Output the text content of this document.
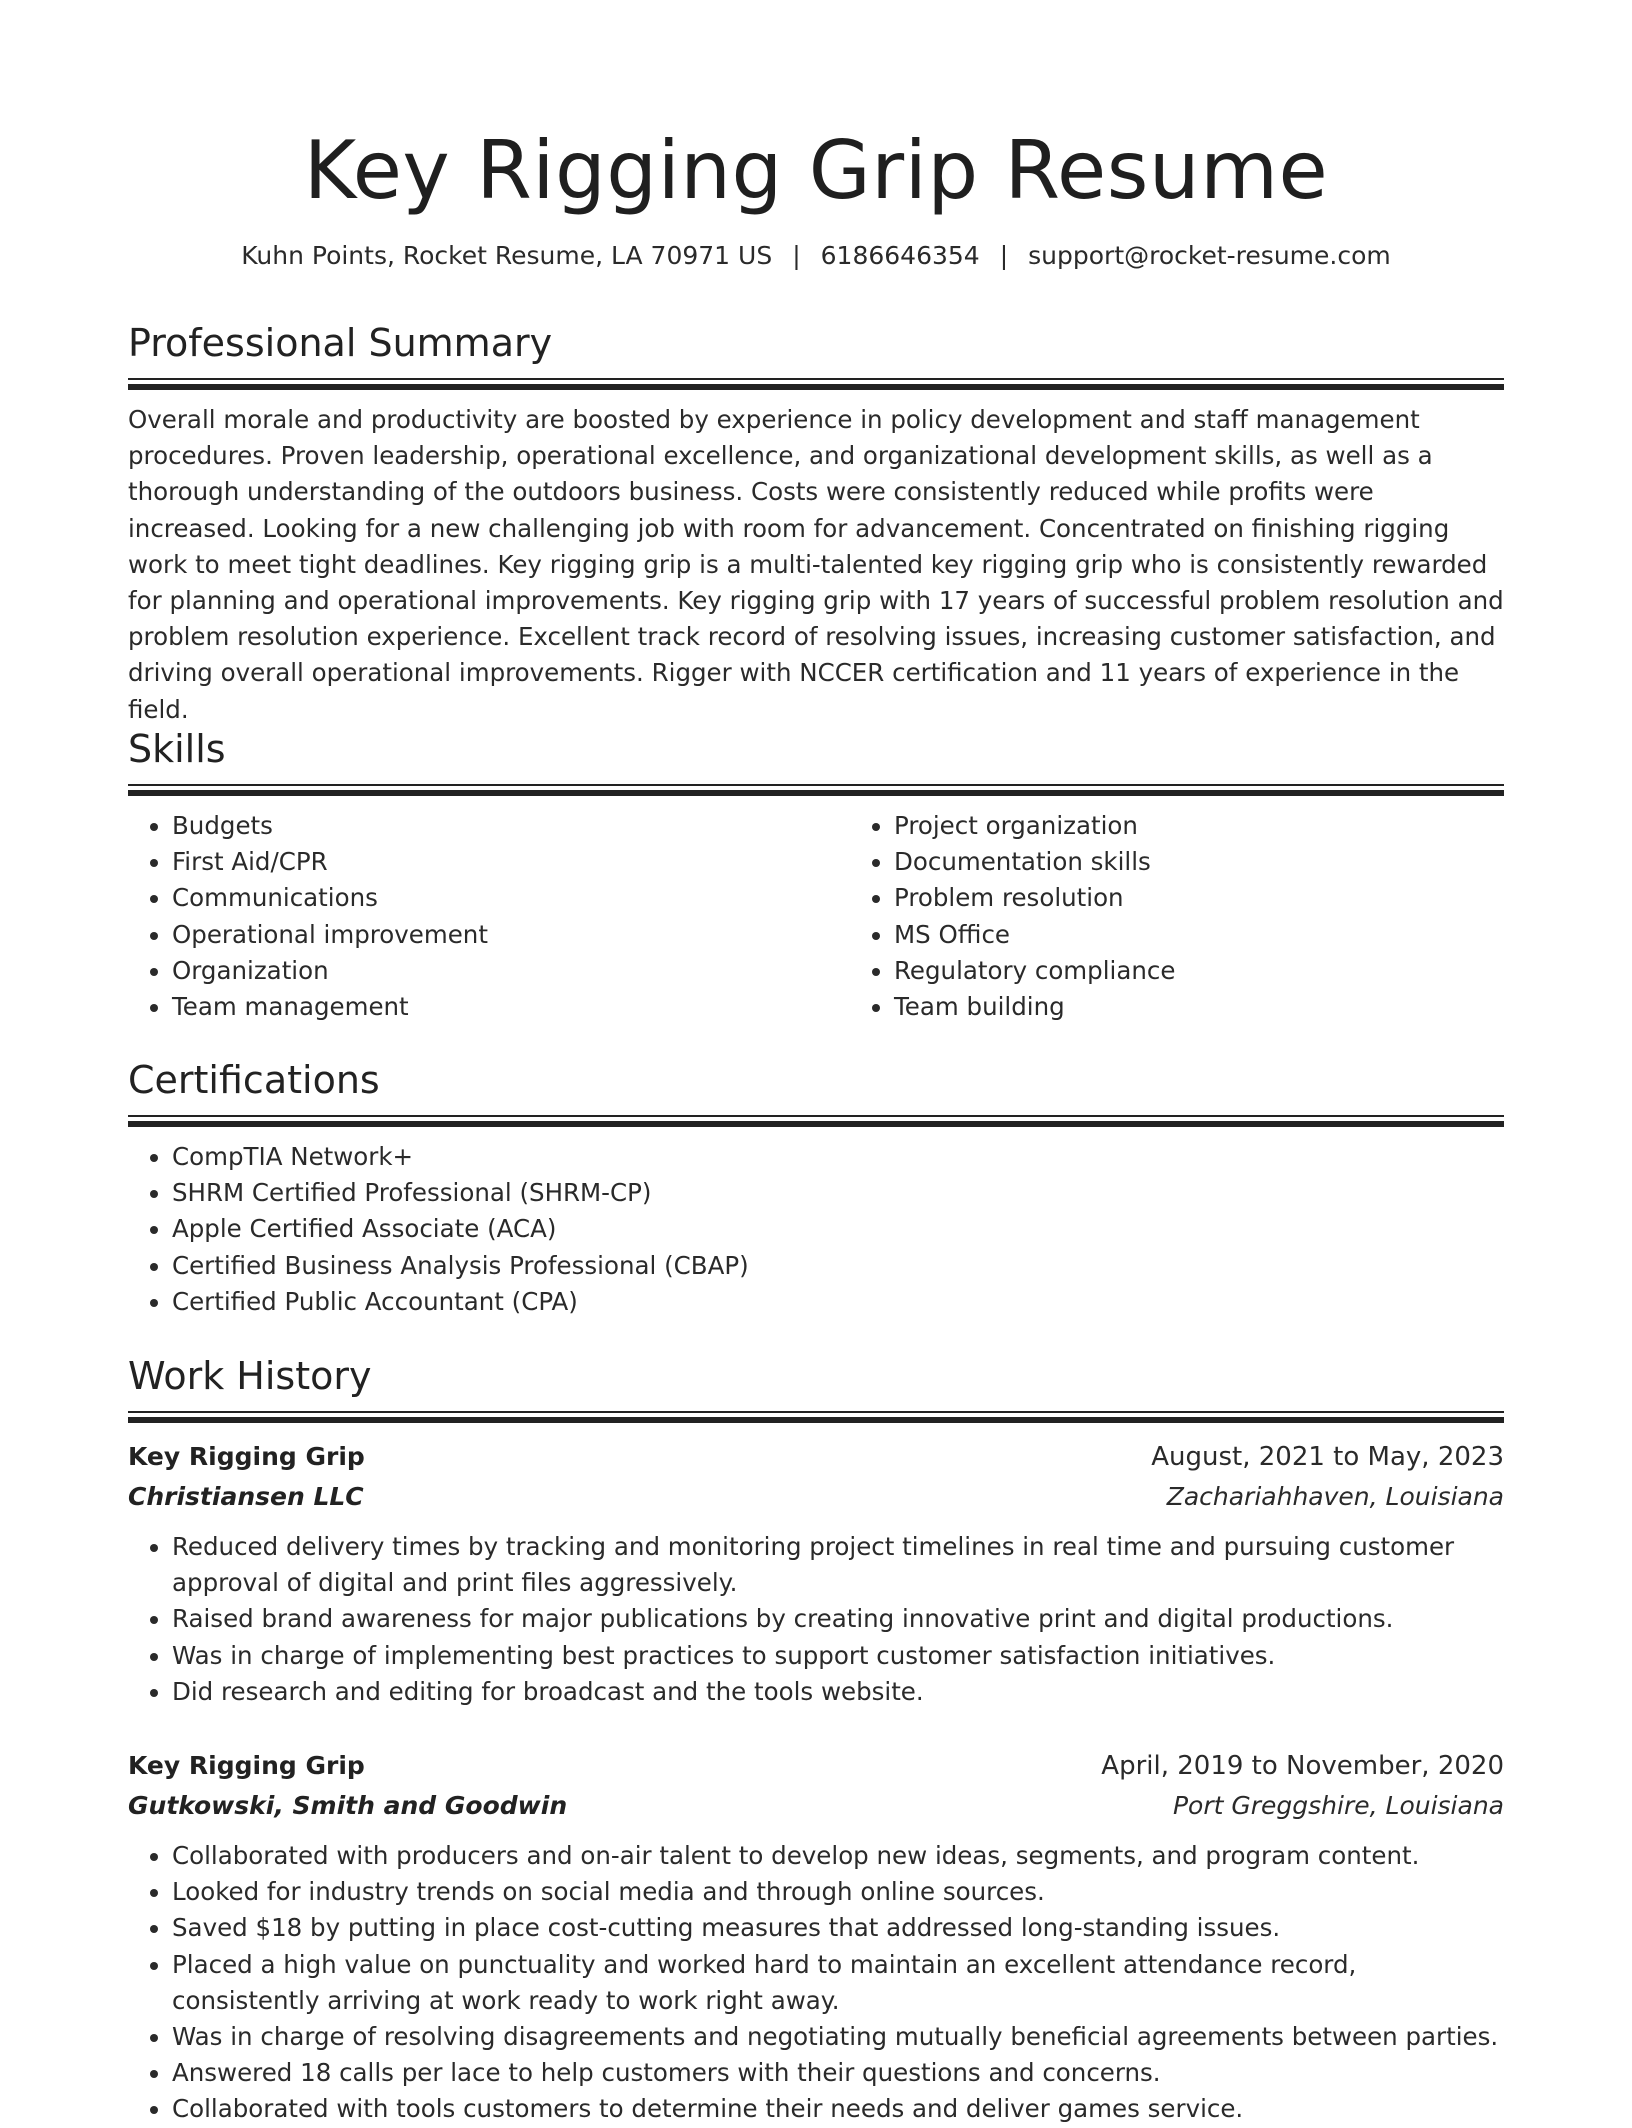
Key Rigging Grip Resume
Kuhn Points, Rocket Resume, LA 70971 US | 6186646354 | support@rocket-resume.com
Professional Summary

Overall morale and productivity are boosted by experience in policy development and staff management procedures. Proven leadership, operational excellence, and organizational development skills, as well as a thorough understanding of the outdoors business. Costs were consistently reduced while profits were increased. Looking for a new challenging job with room for advancement. Concentrated on finishing rigging work to meet tight deadlines. Key rigging grip is a multi-talented key rigging grip who is consistently rewarded for planning and operational improvements. Key rigging grip with 17 years of successful problem resolution and problem resolution experience. Excellent track record of resolving issues, increasing customer satisfaction, and driving overall operational improvements. Rigger with NCCER certification and 11 years of experience in the field.

Skills
• Budgets
• First Aid/CPR
• Communications
• Operational improvement
• Organization
• Team management
• Project organization
• Documentation skills
• Problem resolution
• MS Office
• Regulatory compliance
• Team building
Certifications
• CompTIA Network+
• SHRM Certified Professional (SHRM-CP)
• Apple Certified Associate (ACA)
• Certified Business Analysis Professional (CBAP)
• Certified Public Accountant (CPA)
Work History
Key Rigging Grip	August, 2021 to May, 2023
Christiansen LLC	Zachariahhaven, Louisiana
• Reduced delivery times by tracking and monitoring project timelines in real time and pursuing customer approval of digital and print files aggressively.
• Raised brand awareness for major publications by creating innovative print and digital productions.
• Was in charge of implementing best practices to support customer satisfaction initiatives.
• Did research and editing for broadcast and the tools website.
Key Rigging Grip	April, 2019 to November, 2020
Gutkowski, Smith and Goodwin	Port Greggshire, Louisiana
• Collaborated with producers and on-air talent to develop new ideas, segments, and program content.
• Looked for industry trends on social media and through online sources.
• Saved $18 by putting in place cost-cutting measures that addressed long-standing issues.
• Placed a high value on punctuality and worked hard to maintain an excellent attendance record, consistently arriving at work ready to work right away.
• Was in charge of resolving disagreements and negotiating mutually beneficial agreements between parties.
• Answered 18 calls per lace to help customers with their questions and concerns.
• Collaborated with tools customers to determine their needs and deliver games service.
